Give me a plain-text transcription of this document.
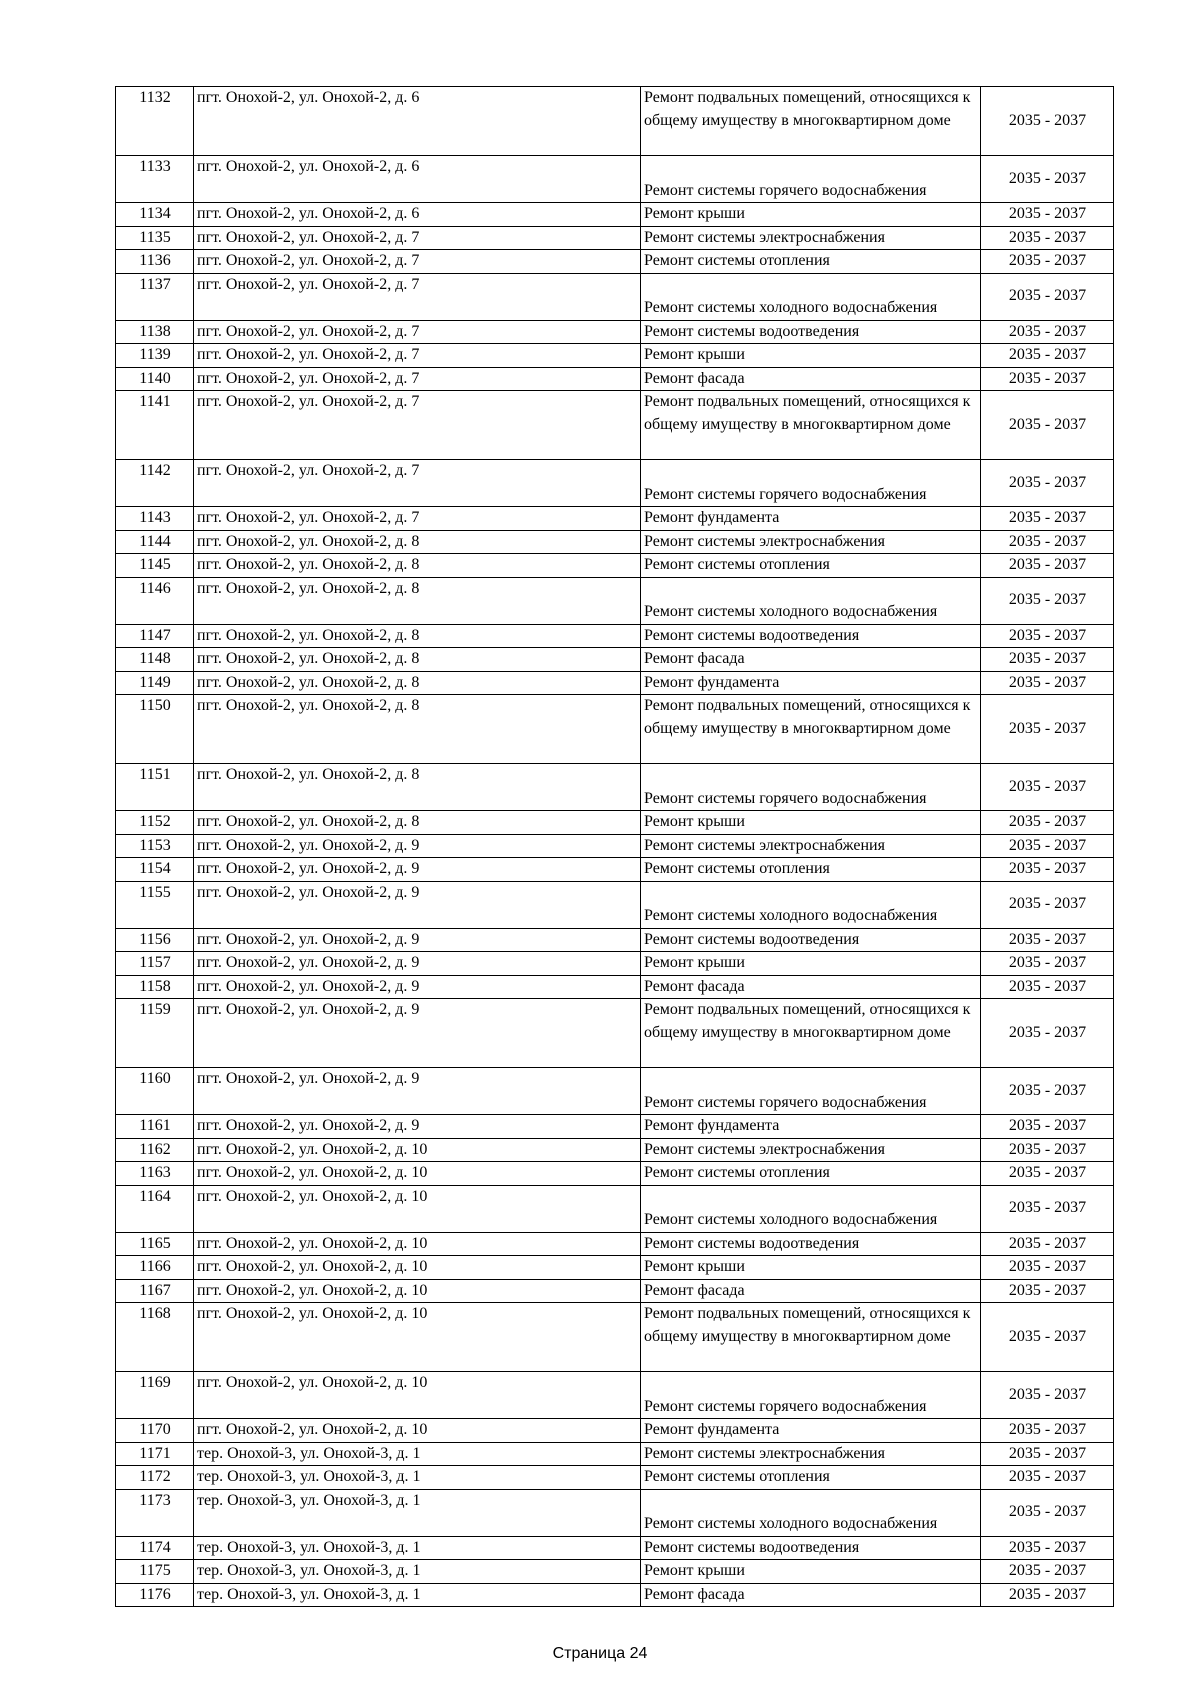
1132	пгт. Онохой-2, ул. Онохой-2, д. 6	Ремонт подвальных помещений, относящихся к общему имуществу в многоквартирном доме	2035 - 2037
1133	пгт. Онохой-2, ул. Онохой-2, д. 6	Ремонт системы горячего водоснабжения	2035 - 2037
1134	пгт. Онохой-2, ул. Онохой-2, д. 6	Ремонт крыши	2035 - 2037
1135	пгт. Онохой-2, ул. Онохой-2, д. 7	Ремонт системы электроснабжения	2035 - 2037
1136	пгт. Онохой-2, ул. Онохой-2, д. 7	Ремонт системы отопления	2035 - 2037
1137	пгт. Онохой-2, ул. Онохой-2, д. 7	Ремонт системы холодного водоснабжения	2035 - 2037
1138	пгт. Онохой-2, ул. Онохой-2, д. 7	Ремонт системы водоотведения	2035 - 2037
1139	пгт. Онохой-2, ул. Онохой-2, д. 7	Ремонт крыши	2035 - 2037
1140	пгт. Онохой-2, ул. Онохой-2, д. 7	Ремонт фасада	2035 - 2037
1141	пгт. Онохой-2, ул. Онохой-2, д. 7	Ремонт подвальных помещений, относящихся к общему имуществу в многоквартирном доме	2035 - 2037
1142	пгт. Онохой-2, ул. Онохой-2, д. 7	Ремонт системы горячего водоснабжения	2035 - 2037
1143	пгт. Онохой-2, ул. Онохой-2, д. 7	Ремонт фундамента	2035 - 2037
1144	пгт. Онохой-2, ул. Онохой-2, д. 8	Ремонт системы электроснабжения	2035 - 2037
1145	пгт. Онохой-2, ул. Онохой-2, д. 8	Ремонт системы отопления	2035 - 2037
1146	пгт. Онохой-2, ул. Онохой-2, д. 8	Ремонт системы холодного водоснабжения	2035 - 2037
1147	пгт. Онохой-2, ул. Онохой-2, д. 8	Ремонт системы водоотведения	2035 - 2037
1148	пгт. Онохой-2, ул. Онохой-2, д. 8	Ремонт фасада	2035 - 2037
1149	пгт. Онохой-2, ул. Онохой-2, д. 8	Ремонт фундамента	2035 - 2037
1150	пгт. Онохой-2, ул. Онохой-2, д. 8	Ремонт подвальных помещений, относящихся к общему имуществу в многоквартирном доме	2035 - 2037
1151	пгт. Онохой-2, ул. Онохой-2, д. 8	Ремонт системы горячего водоснабжения	2035 - 2037
1152	пгт. Онохой-2, ул. Онохой-2, д. 8	Ремонт крыши	2035 - 2037
1153	пгт. Онохой-2, ул. Онохой-2, д. 9	Ремонт системы электроснабжения	2035 - 2037
1154	пгт. Онохой-2, ул. Онохой-2, д. 9	Ремонт системы отопления	2035 - 2037
1155	пгт. Онохой-2, ул. Онохой-2, д. 9	Ремонт системы холодного водоснабжения	2035 - 2037
1156	пгт. Онохой-2, ул. Онохой-2, д. 9	Ремонт системы водоотведения	2035 - 2037
1157	пгт. Онохой-2, ул. Онохой-2, д. 9	Ремонт крыши	2035 - 2037
1158	пгт. Онохой-2, ул. Онохой-2, д. 9	Ремонт фасада	2035 - 2037
1159	пгт. Онохой-2, ул. Онохой-2, д. 9	Ремонт подвальных помещений, относящихся к общему имуществу в многоквартирном доме	2035 - 2037
1160	пгт. Онохой-2, ул. Онохой-2, д. 9	Ремонт системы горячего водоснабжения	2035 - 2037
1161	пгт. Онохой-2, ул. Онохой-2, д. 9	Ремонт фундамента	2035 - 2037
1162	пгт. Онохой-2, ул. Онохой-2, д. 10	Ремонт системы электроснабжения	2035 - 2037
1163	пгт. Онохой-2, ул. Онохой-2, д. 10	Ремонт системы отопления	2035 - 2037
1164	пгт. Онохой-2, ул. Онохой-2, д. 10	Ремонт системы холодного водоснабжения	2035 - 2037
1165	пгт. Онохой-2, ул. Онохой-2, д. 10	Ремонт системы водоотведения	2035 - 2037
1166	пгт. Онохой-2, ул. Онохой-2, д. 10	Ремонт крыши	2035 - 2037
1167	пгт. Онохой-2, ул. Онохой-2, д. 10	Ремонт фасада	2035 - 2037
1168	пгт. Онохой-2, ул. Онохой-2, д. 10	Ремонт подвальных помещений, относящихся к общему имуществу в многоквартирном доме	2035 - 2037
1169	пгт. Онохой-2, ул. Онохой-2, д. 10	Ремонт системы горячего водоснабжения	2035 - 2037
1170	пгт. Онохой-2, ул. Онохой-2, д. 10	Ремонт фундамента	2035 - 2037
1171	тер. Онохой-3, ул. Онохой-3, д. 1	Ремонт системы электроснабжения	2035 - 2037
1172	тер. Онохой-3, ул. Онохой-3, д. 1	Ремонт системы отопления	2035 - 2037
1173	тер. Онохой-3, ул. Онохой-3, д. 1	Ремонт системы холодного водоснабжения	2035 - 2037
1174	тер. Онохой-3, ул. Онохой-3, д. 1	Ремонт системы водоотведения	2035 - 2037
1175	тер. Онохой-3, ул. Онохой-3, д. 1	Ремонт крыши	2035 - 2037
1176	тер. Онохой-3, ул. Онохой-3, д. 1	Ремонт фасада	2035 - 2037
Страница 24
